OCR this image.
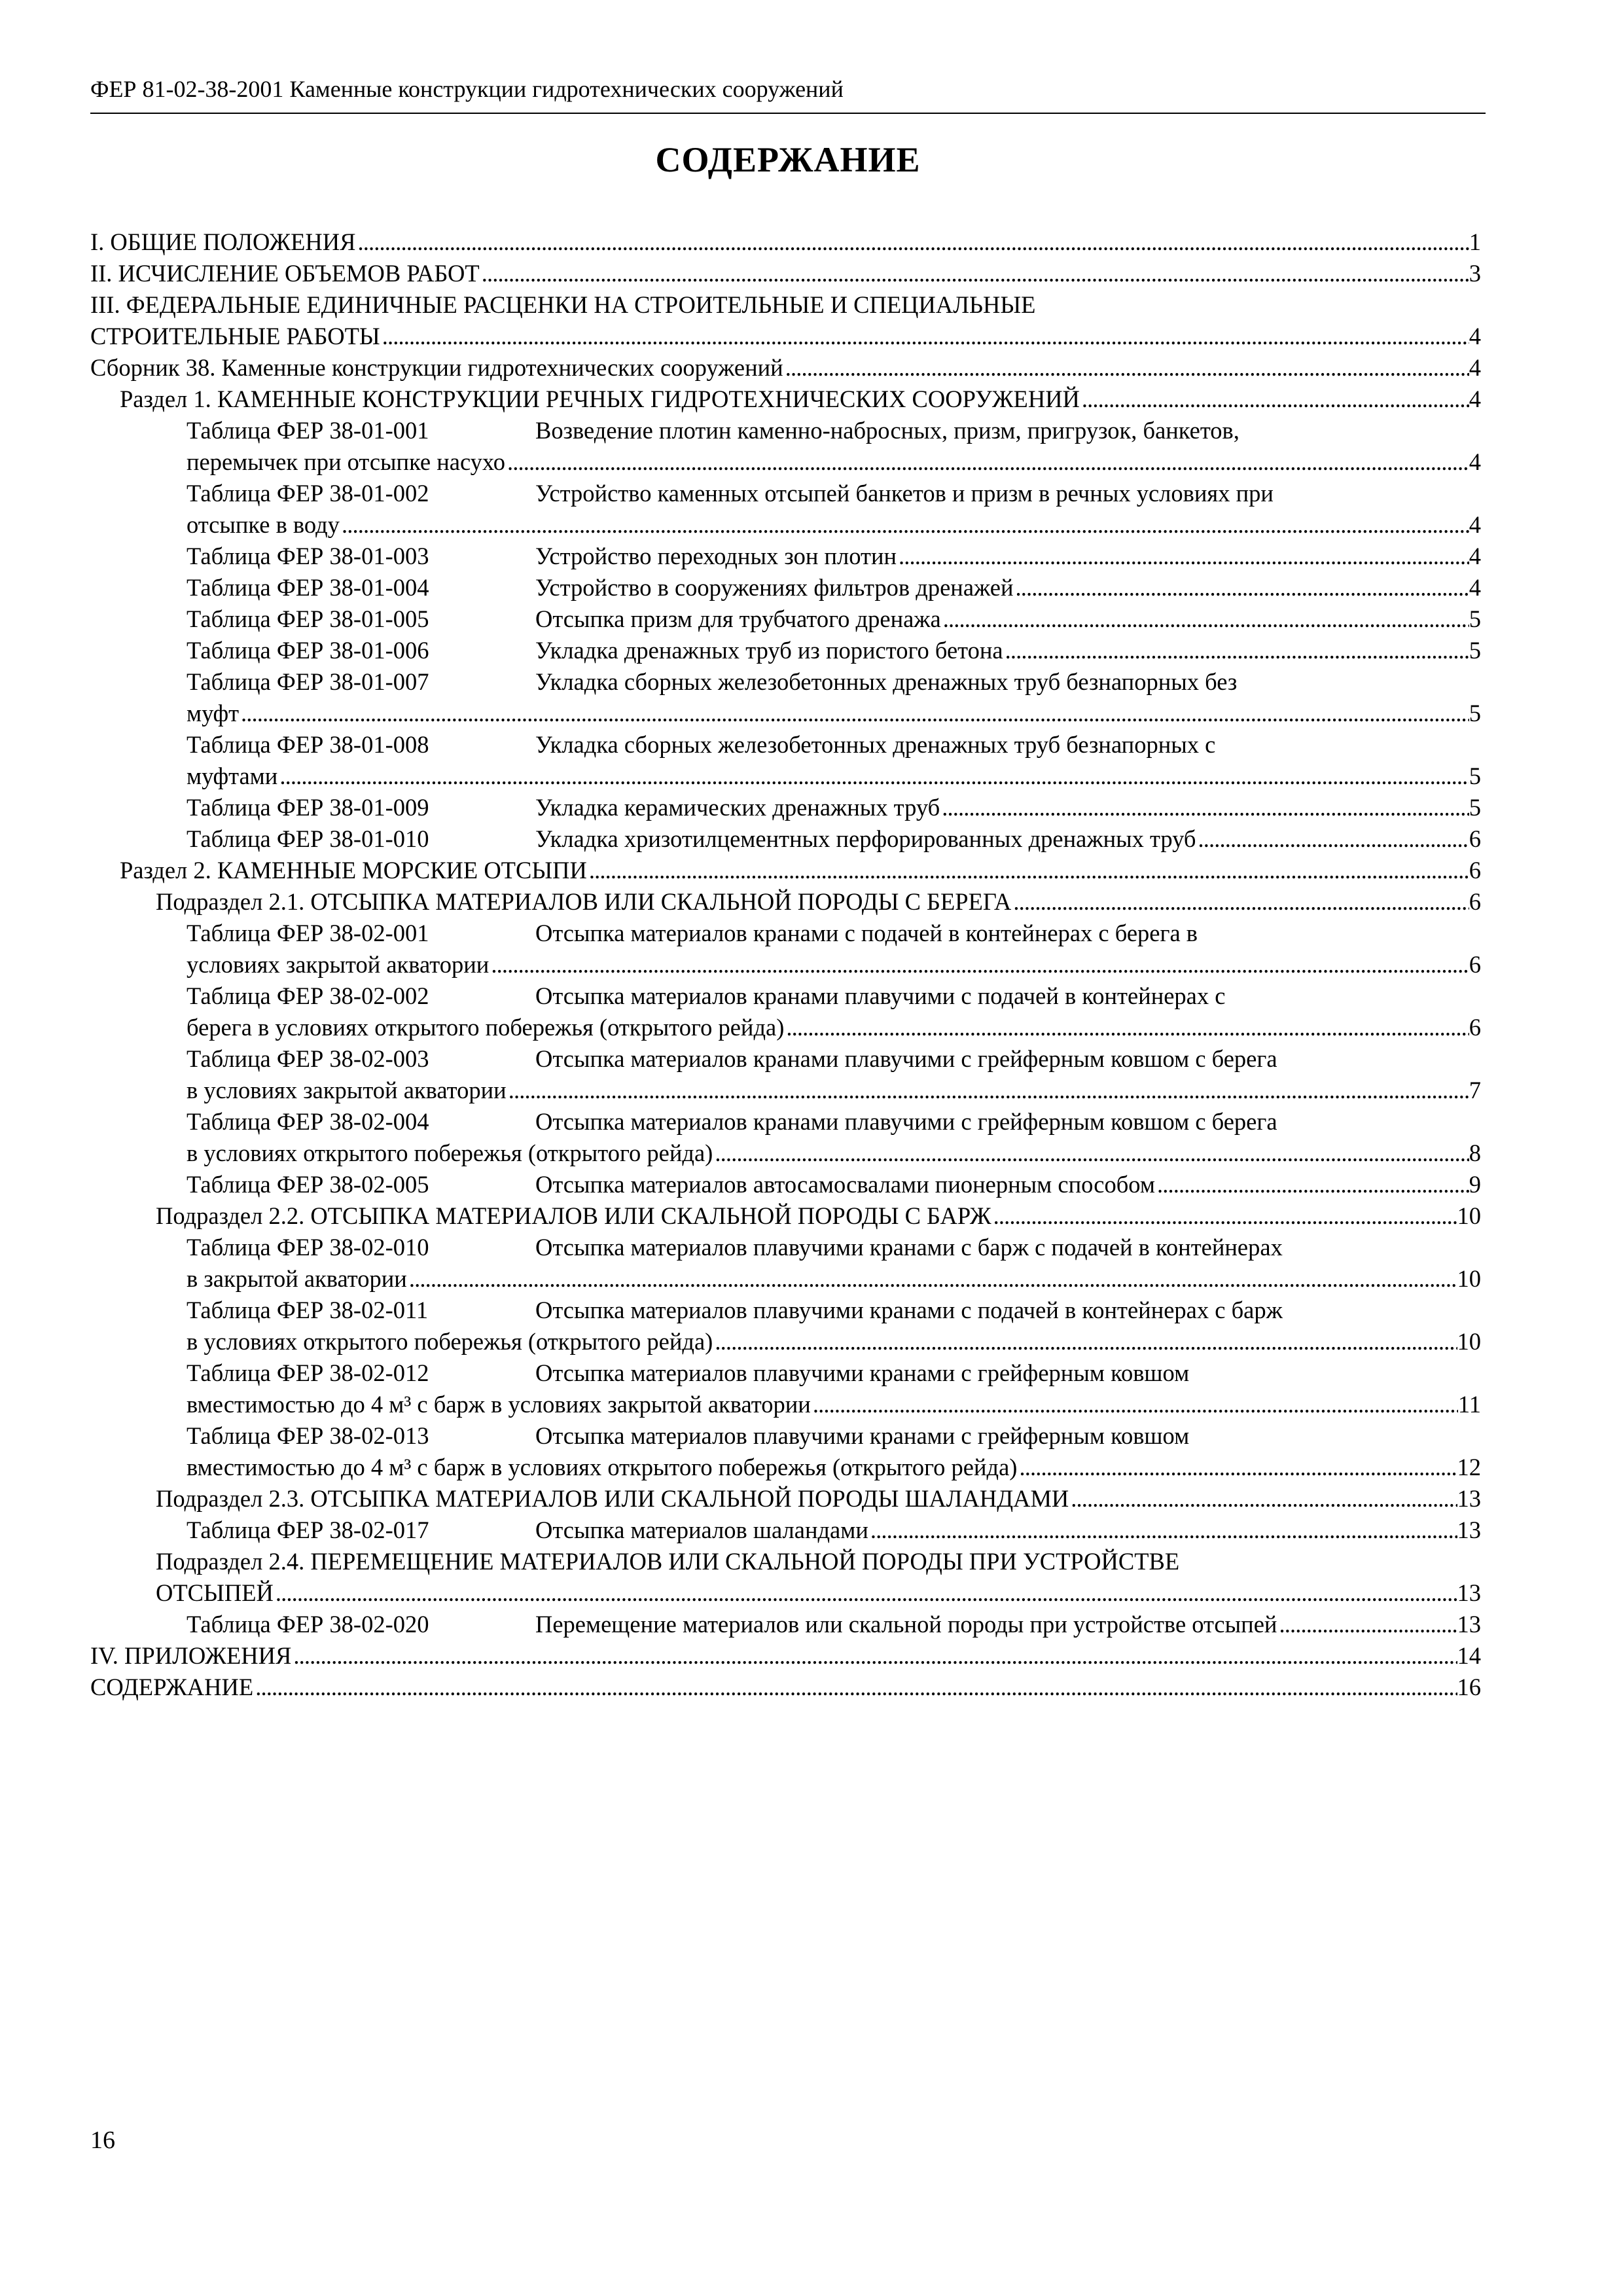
ФЕР 81-02-38-2001 Каменные конструкции гидротехнических сооружений
СОДЕРЖАНИЕ
I. ОБЩИЕ ПОЛОЖЕНИЯ . . .	1
II. ИСЧИСЛЕНИЕ ОБЪЕМОВ РАБОТ . . .	3
III. ФЕДЕРАЛЬНЫЕ ЕДИНИЧНЫЕ РАСЦЕНКИ НА СТРОИТЕЛЬНЫЕ И СПЕЦИАЛЬНЫЕ
СТРОИТЕЛЬНЫЕ РАБОТЫ . . .	4
Сборник 38. Каменные конструкции гидротехнических сооружений . . .	4
Раздел 1. КАМЕННЫЕ КОНСТРУКЦИИ РЕЧНЫХ ГИДРОТЕХНИЧЕСКИХ СООРУЖЕНИЙ . . .	4
Таблица ФЕР 38-01-001	Возведение плотин каменно-набросных, призм, пригрузок, банкетов,
перемычек при отсыпке насухо . . .	4
Таблица ФЕР 38-01-002	Устройство каменных отсыпей банкетов и призм в речных условиях при
отсыпке в воду . . .	4
Таблица ФЕР 38-01-003	Устройство переходных зон плотин . . .	4
Таблица ФЕР 38-01-004	Устройство в сооружениях фильтров дренажей . . .	4
Таблица ФЕР 38-01-005	Отсыпка призм для трубчатого дренажа . . .	5
Таблица ФЕР 38-01-006	Укладка дренажных труб из пористого бетона . . .	5
Таблица ФЕР 38-01-007	Укладка сборных железобетонных дренажных труб безнапорных без
муфт . . .	5
Таблица ФЕР 38-01-008	Укладка сборных железобетонных дренажных труб безнапорных с
муфтами . . .	5
Таблица ФЕР 38-01-009	Укладка керамических дренажных труб . . .	5
Таблица ФЕР 38-01-010	Укладка хризотилцементных перфорированных дренажных труб . . .	6
Раздел 2. КАМЕННЫЕ МОРСКИЕ ОТСЫПИ . . .	6
Подраздел 2.1. ОТСЫПКА МАТЕРИАЛОВ ИЛИ СКАЛЬНОЙ ПОРОДЫ С БЕРЕГА . . .	6
Таблица ФЕР 38-02-001	Отсыпка материалов кранами с подачей в контейнерах с берега в
условиях закрытой акватории . . .	6
Таблица ФЕР 38-02-002	Отсыпка материалов кранами плавучими с подачей в контейнерах с
берега в условиях открытого побережья (открытого рейда) . . .	6
Таблица ФЕР 38-02-003	Отсыпка материалов кранами плавучими с грейферным ковшом с берега
в условиях закрытой акватории . . .	7
Таблица ФЕР 38-02-004	Отсыпка материалов кранами плавучими с грейферным ковшом с берега
в условиях открытого побережья (открытого рейда) . . .	8
Таблица ФЕР 38-02-005	Отсыпка материалов автосамосвалами пионерным способом . . .	9
Подраздел 2.2. ОТСЫПКА МАТЕРИАЛОВ ИЛИ СКАЛЬНОЙ ПОРОДЫ С БАРЖ . . .	10
Таблица ФЕР 38-02-010	Отсыпка материалов плавучими кранами с барж с подачей в контейнерах
в закрытой акватории . . .	10
Таблица ФЕР 38-02-011	Отсыпка материалов плавучими кранами с подачей в контейнерах с барж
в условиях открытого побережья (открытого рейда) . . .	10
Таблица ФЕР 38-02-012	Отсыпка материалов плавучими кранами с грейферным ковшом
вместимостью до 4 м³ с барж в условиях закрытой акватории . . .	11
Таблица ФЕР 38-02-013	Отсыпка материалов плавучими кранами с грейферным ковшом
вместимостью до 4 м³ с барж в условиях открытого побережья (открытого рейда) . . .	12
Подраздел 2.3. ОТСЫПКА МАТЕРИАЛОВ ИЛИ СКАЛЬНОЙ ПОРОДЫ ШАЛАНДАМИ . . .	13
Таблица ФЕР 38-02-017	Отсыпка материалов шаландами . . .	13
Подраздел 2.4. ПЕРЕМЕЩЕНИЕ МАТЕРИАЛОВ ИЛИ СКАЛЬНОЙ ПОРОДЫ ПРИ УСТРОЙСТВЕ
ОТСЫПЕЙ . . .	13
Таблица ФЕР 38-02-020	Перемещение материалов или скальной породы при устройстве отсыпей . . .	13
IV. ПРИЛОЖЕНИЯ . . .	14
СОДЕРЖАНИЕ . . .	16
16
